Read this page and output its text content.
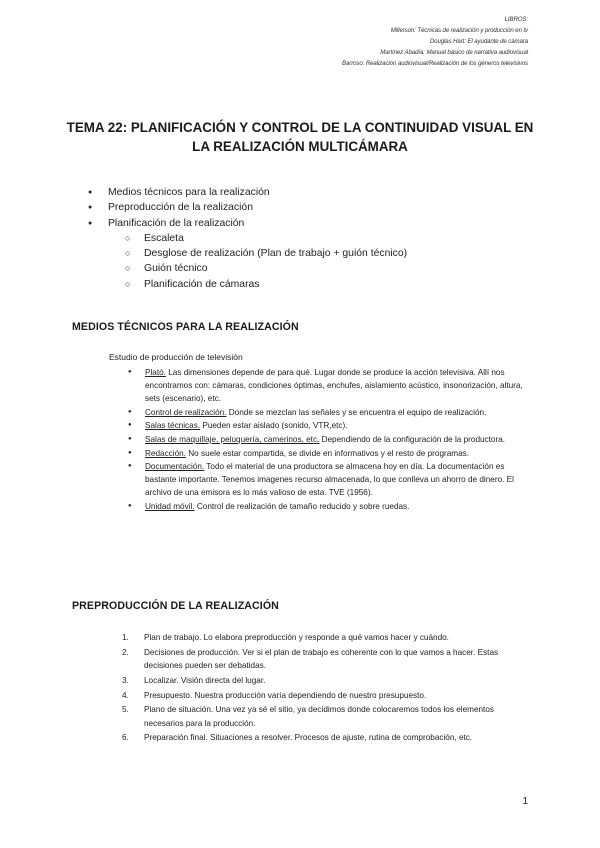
LIBROS:
Millerson: Técnicas de realización y producción en tv
Douglas Hart: El ayudante de cámara
Martínez Abadía: Manual básico de narrativa audiovisual
Barroso: Realización audiovisual/Realización de los géneros televisivos
TEMA 22: PLANIFICACIÓN Y CONTROL DE LA CONTINUIDAD VISUAL EN LA REALIZACIÓN MULTICÁMARA
● Medios técnicos para la realización
● Preproducción de la realización
● Planificación de la realización
○ Escaleta
○ Desglose de realización (Plan de trabajo + guión técnico)
○ Guión técnico
○ Planificación de cámaras
MEDIOS TÉCNICOS PARA LA REALIZACIÓN
Estudio de producción de televisión
● Plató. Las dimensiones depende de para qué. Lugar donde se produce la acción televisiva. Allí nos encontramos con: cámaras, condiciones óptimas, enchufes, aislamiento acústico, insonorización, altura, sets (escenario), etc.
● Control de realización. Donde se mezclan las señales y se encuentra el equipo de realización.
● Salas técnicas. Pueden estar aislado (sonido, VTR,etc).
● Salas de maquillaje, peluquería, camerinos, etc. Dependiendo de la configuración de la productora.
● Redacción. No suele estar compartida, se divide en informativos y el resto de programas.
● Documentación. Todo el material de una productora se almacena hoy en día. La documentación es bastante importante. Tenemos imagenes recurso almacenada, lo que conlleva un ahorro de dinero. El archivo de una emisora es lo más valioso de esta. TVE (1956).
● Unidad móvil. Control de realización de tamaño reducido y sobre ruedas.
PREPRODUCCIÓN DE LA REALIZACIÓN
1. Plan de trabajo. Lo elabora preproducción y responde a qué vamos hacer y cuándo.
2. Decisiones de producción. Ver si el plan de trabajo es coherente con lo que vamos a hacer. Estas decisiones pueden ser debatidas.
3. Localizar. Visión directa del lugar.
4. Presupuesto. Nuestra producción varía dependiendo de nuestro presupuesto.
5. Plano de situación. Una vez ya sé el sitio, ya decidimos donde colocaremos todos los elementos necesarios para la producción.
6. Preparación final. Situaciones a resolver. Procesos de ajuste, rutina de comprobación, etc.
1
